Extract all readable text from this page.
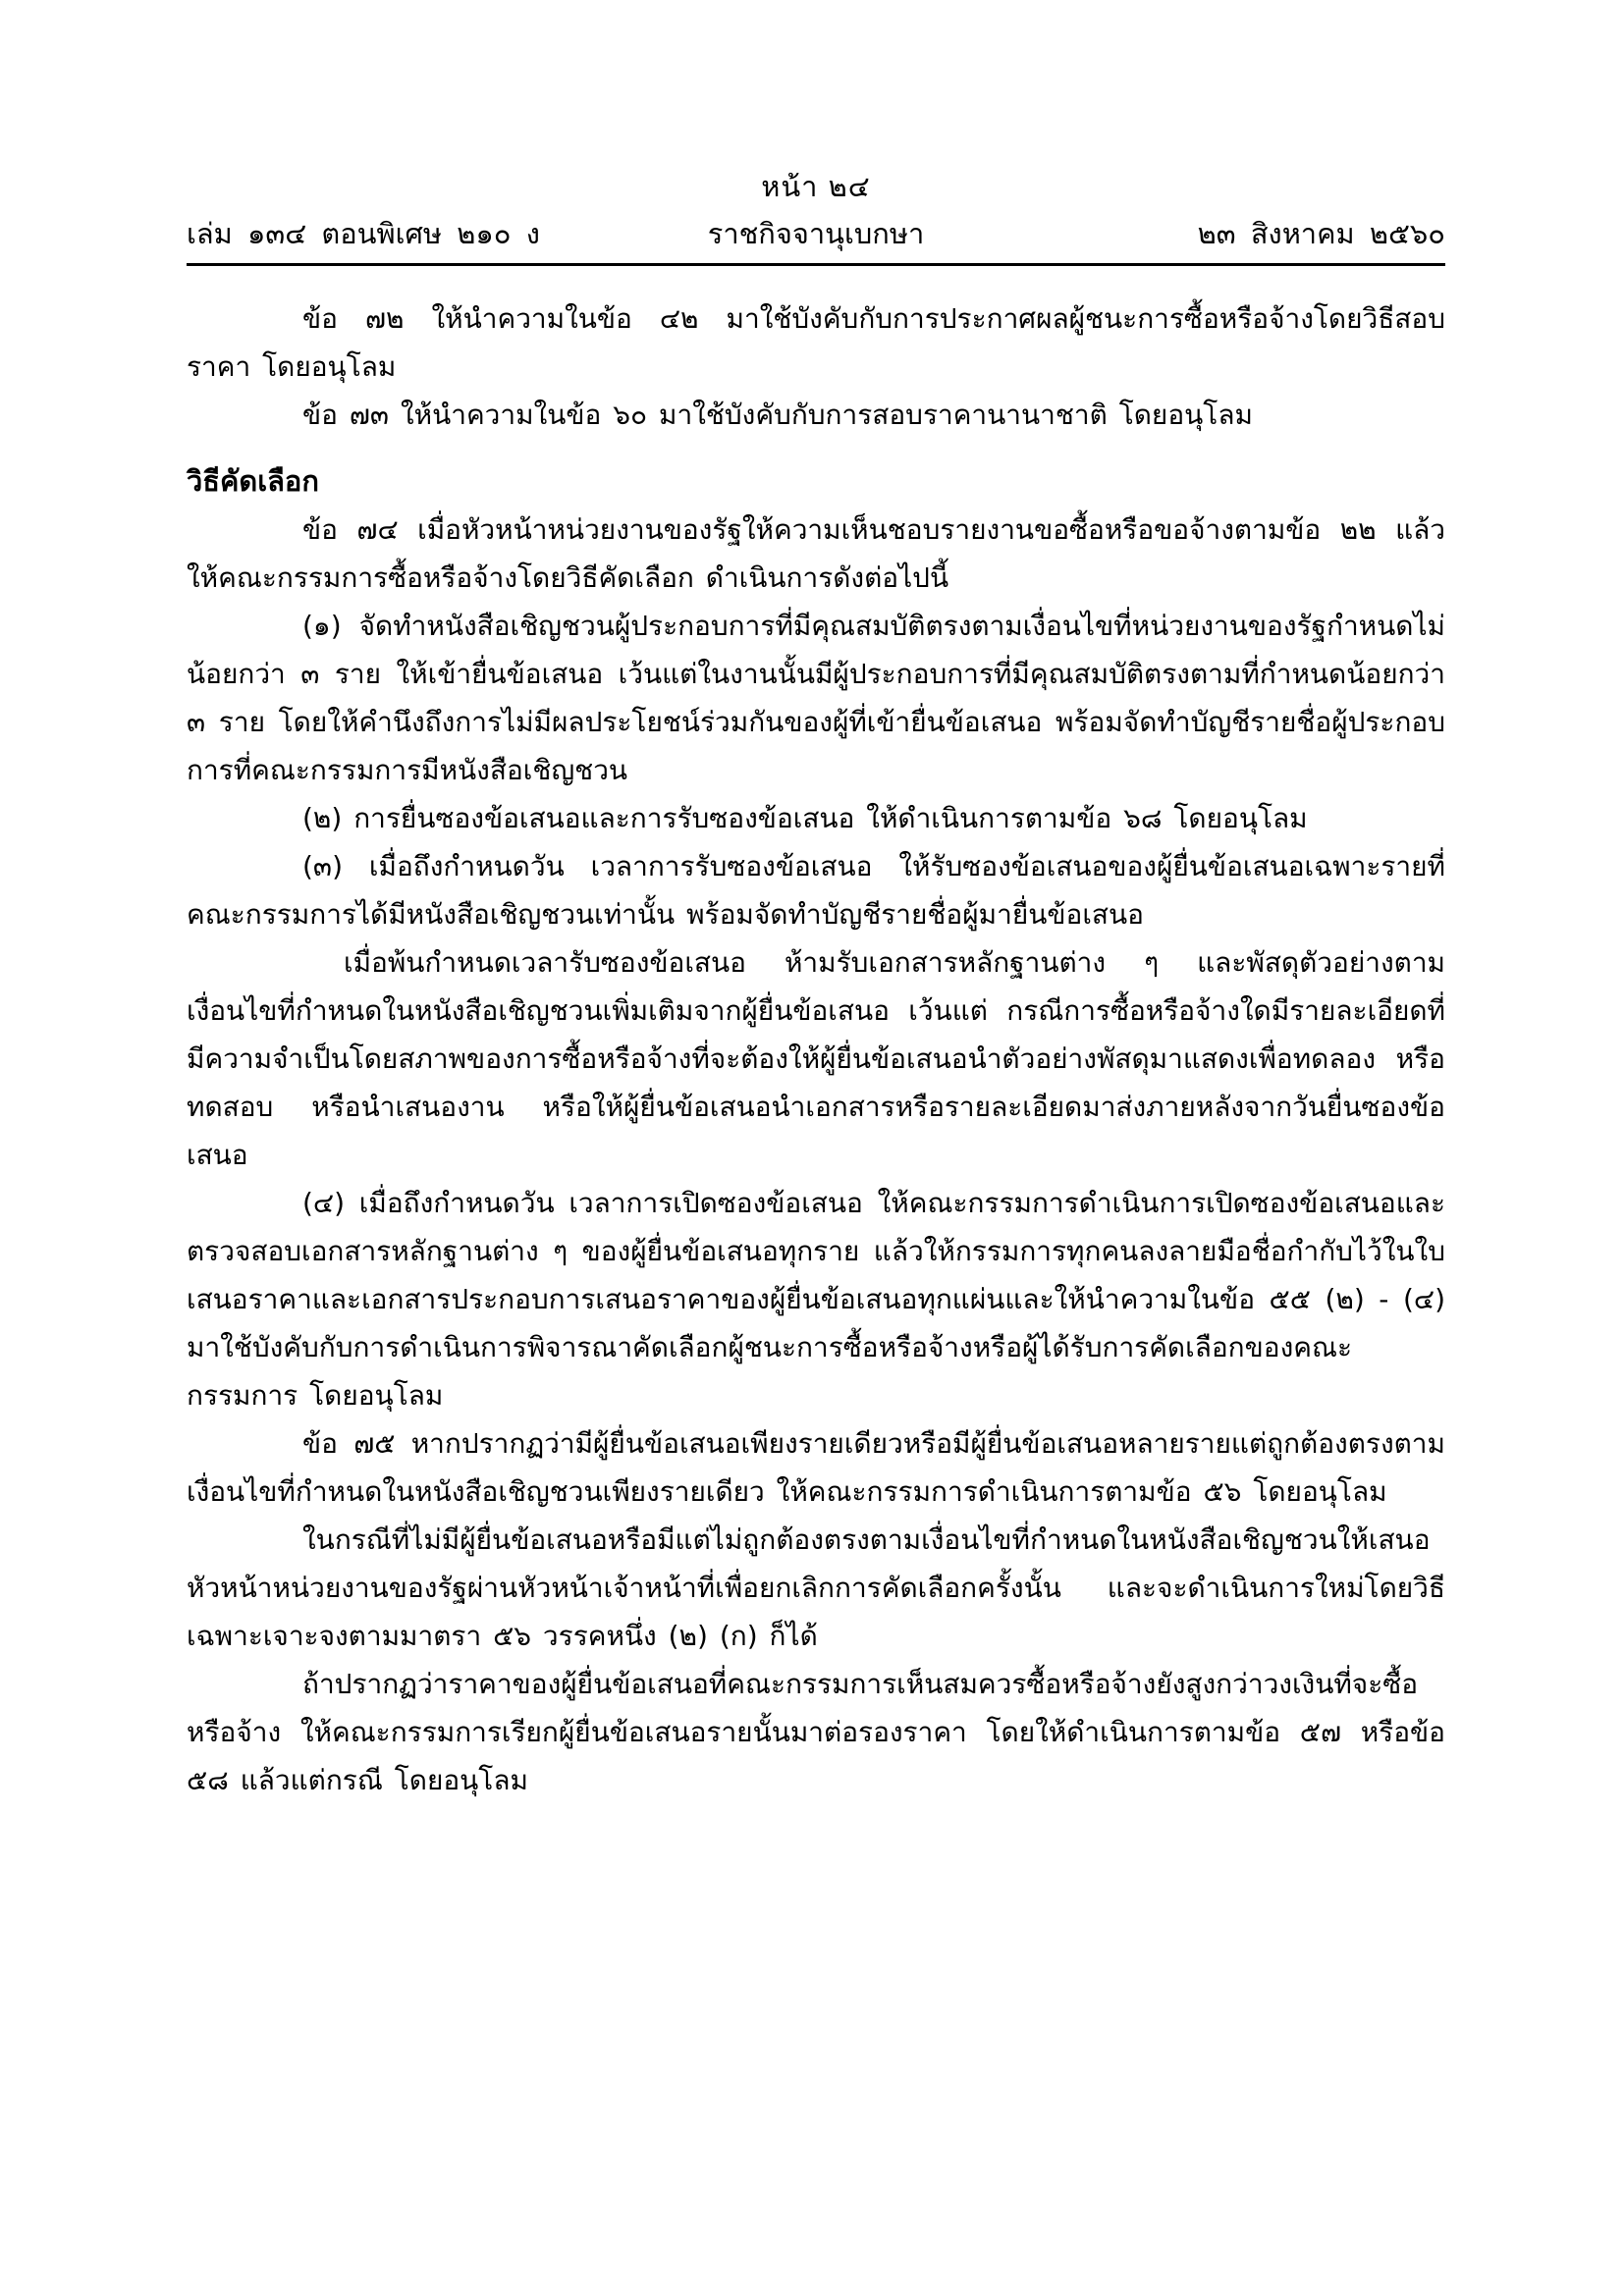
หน้า ๒๔
เล่ม ๑๓๔ ตอนพิเศษ ๒๑๐ ง	ราชกิจจานุเบกษา	๒๓ สิงหาคม ๒๕๖๐

ข้อ ๗๒ ให้นำความในข้อ ๔๒ มาใช้บังคับกับการประกาศผลผู้ชนะการซื้อหรือจ้างโดยวิธีสอบราคา โดยอนุโลม

ข้อ ๗๓ ให้นำความในข้อ ๖๐ มาใช้บังคับกับการสอบราคานานาชาติ โดยอนุโลม

วิธีคัดเลือก

ข้อ ๗๔ เมื่อหัวหน้าหน่วยงานของรัฐให้ความเห็นชอบรายงานขอซื้อหรือขอจ้างตามข้อ ๒๒ แล้ว ให้คณะกรรมการซื้อหรือจ้างโดยวิธีคัดเลือก ดำเนินการดังต่อไปนี้

(๑) จัดทำหนังสือเชิญชวนผู้ประกอบการที่มีคุณสมบัติตรงตามเงื่อนไขที่หน่วยงานของรัฐกำหนดไม่น้อยกว่า ๓ ราย ให้เข้ายื่นข้อเสนอ เว้นแต่ในงานนั้นมีผู้ประกอบการที่มีคุณสมบัติตรงตามที่กำหนดน้อยกว่า ๓ ราย โดยให้คำนึงถึงการไม่มีผลประโยชน์ร่วมกันของผู้ที่เข้ายื่นข้อเสนอ พร้อมจัดทำบัญชีรายชื่อผู้ประกอบการที่คณะกรรมการมีหนังสือเชิญชวน

(๒) การยื่นซองข้อเสนอและการรับซองข้อเสนอ ให้ดำเนินการตามข้อ ๖๘ โดยอนุโลม

(๓) เมื่อถึงกำหนดวัน เวลาการรับซองข้อเสนอ ให้รับซองข้อเสนอของผู้ยื่นข้อเสนอเฉพาะรายที่คณะกรรมการได้มีหนังสือเชิญชวนเท่านั้น พร้อมจัดทำบัญชีรายชื่อผู้มายื่นข้อเสนอ

เมื่อพ้นกำหนดเวลารับซองข้อเสนอ ห้ามรับเอกสารหลักฐานต่าง ๆ และพัสดุตัวอย่างตามเงื่อนไขที่กำหนดในหนังสือเชิญชวนเพิ่มเติมจากผู้ยื่นข้อเสนอ เว้นแต่ กรณีการซื้อหรือจ้างใดมีรายละเอียดที่มีความจำเป็นโดยสภาพของการซื้อหรือจ้างที่จะต้องให้ผู้ยื่นข้อเสนอนำตัวอย่างพัสดุมาแสดงเพื่อทดลอง หรือทดสอบ หรือนำเสนองาน หรือให้ผู้ยื่นข้อเสนอนำเอกสารหรือรายละเอียดมาส่งภายหลังจากวันยื่นซองข้อเสนอ

(๔) เมื่อถึงกำหนดวัน เวลาการเปิดซองข้อเสนอ ให้คณะกรรมการดำเนินการเปิดซองข้อเสนอและตรวจสอบเอกสารหลักฐานต่าง ๆ ของผู้ยื่นข้อเสนอทุกราย แล้วให้กรรมการทุกคนลงลายมือชื่อกำกับไว้ในใบเสนอราคาและเอกสารประกอบการเสนอราคาของผู้ยื่นข้อเสนอทุกแผ่นและให้นำความในข้อ ๕๕ (๒) - (๔) มาใช้บังคับกับการดำเนินการพิจารณาคัดเลือกผู้ชนะการซื้อหรือจ้างหรือผู้ได้รับการคัดเลือกของคณะกรรมการ โดยอนุโลม

ข้อ ๗๕ หากปรากฏว่ามีผู้ยื่นข้อเสนอเพียงรายเดียวหรือมีผู้ยื่นข้อเสนอหลายรายแต่ถูกต้องตรงตามเงื่อนไขที่กำหนดในหนังสือเชิญชวนเพียงรายเดียว ให้คณะกรรมการดำเนินการตามข้อ ๕๖ โดยอนุโลม

ในกรณีที่ไม่มีผู้ยื่นข้อเสนอหรือมีแต่ไม่ถูกต้องตรงตามเงื่อนไขที่กำหนดในหนังสือเชิญชวนให้เสนอหัวหน้าหน่วยงานของรัฐผ่านหัวหน้าเจ้าหน้าที่เพื่อยกเลิกการคัดเลือกครั้งนั้น และจะดำเนินการใหม่โดยวิธีเฉพาะเจาะจงตามมาตรา ๕๖ วรรคหนึ่ง (๒) (ก) ก็ได้

ถ้าปรากฏว่าราคาของผู้ยื่นข้อเสนอที่คณะกรรมการเห็นสมควรซื้อหรือจ้างยังสูงกว่าวงเงินที่จะซื้อหรือจ้าง ให้คณะกรรมการเรียกผู้ยื่นข้อเสนอรายนั้นมาต่อรองราคา โดยให้ดำเนินการตามข้อ ๕๗ หรือข้อ ๕๘ แล้วแต่กรณี โดยอนุโลม
